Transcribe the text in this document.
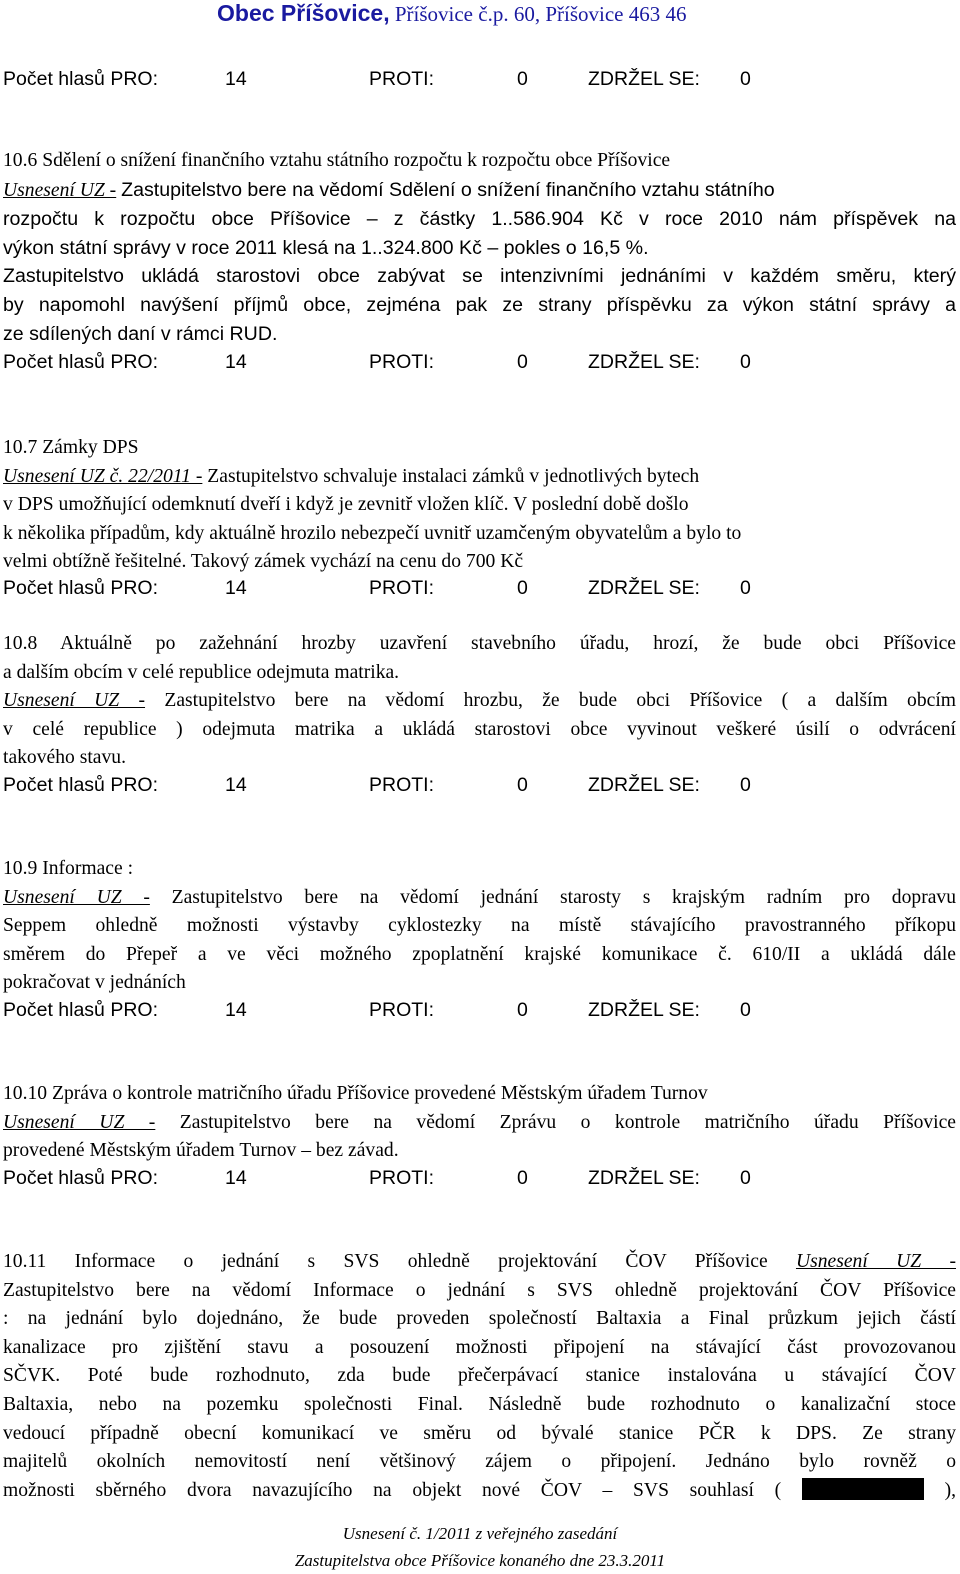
Obec Příšovice, Příšovice č.p. 60, Příšovice 463 46
Počet hlasů PRO:	14	PROTI:	0	ZDRŽEL SE: 0
10.6 Sdělení o snížení finančního vztahu státního rozpočtu k rozpočtu obce Příšovice
Usnesení UZ - Zastupitelstvo bere na vědomí Sdělení o snížení finančního vztahu státního
rozpočtu k rozpočtu obce Příšovice – z částky 1..586.904 Kč v roce 2010 nám příspěvek na
výkon státní správy v roce 2011 klesá na 1..324.800 Kč – pokles o 16,5 %.
Zastupitelstvo ukládá starostovi obce zabývat se intenzivními jednáními v každém směru, který
by napomohl navýšení příjmů obce, zejména pak ze strany příspěvku za výkon státní správy a
ze sdílených daní v rámci RUD.
Počet hlasů PRO:	14	PROTI:	0	ZDRŽEL SE: 0
10.7 Zámky DPS
Usnesení UZ č. 22/2011 - Zastupitelstvo schvaluje instalaci zámků v jednotlivých bytech
v DPS umožňující odemknutí dveří i když je zevnitř vložen klíč. V poslední době došlo
k několika případům, kdy aktuálně hrozilo nebezpečí uvnitř uzamčeným obyvatelům a bylo to
velmi obtížně řešitelné. Takový zámek vychází na cenu do 700 Kč
Počet hlasů PRO:	14	PROTI:	0	ZDRŽEL SE: 0
10.8 Aktuálně po zažehnání hrozby uzavření stavebního úřadu, hrozí, že bude obci Příšovice
a dalším obcím v celé republice odejmuta matrika.
Usnesení UZ - Zastupitelstvo bere na vědomí hrozbu, že bude obci Příšovice ( a dalším obcím
v celé republice ) odejmuta matrika a ukládá starostovi obce vyvinout veškeré úsilí o odvrácení
takového stavu.
Počet hlasů PRO:	14	PROTI:	0	ZDRŽEL SE: 0
10.9 Informace :
Usnesení UZ - Zastupitelstvo bere na vědomí jednání starosty s krajským radním pro dopravu
Seppem ohledně možnosti výstavby cyklostezky na místě stávajícího pravostranného příkopu
směrem do Přepeř a ve věci možného zpoplatnění krajské komunikace č. 610/II a ukládá dále
pokračovat v jednáních
Počet hlasů PRO:	14	PROTI:	0	ZDRŽEL SE: 0
10.10 Zpráva o kontrole matričního úřadu Příšovice provedené Městským úřadem Turnov
Usnesení UZ - Zastupitelstvo bere na vědomí Zprávu o kontrole matričního úřadu Příšovice
provedené Městským úřadem Turnov – bez závad.
Počet hlasů PRO:	14	PROTI:	0	ZDRŽEL SE: 0
10.11 Informace o jednání s SVS ohledně projektování ČOV Příšovice Usnesení UZ -
Zastupitelstvo bere na vědomí Informace o jednání s SVS ohledně projektování ČOV Příšovice
: na jednání bylo dojednáno, že bude proveden společností Baltaxia a Final průzkum jejich částí
kanalizace pro zjištění stavu a posouzení možnosti připojení na stávající část provozovanou
SČVK. Poté bude rozhodnuto, zda bude přečerpávací stanice instalována u stávající ČOV
Baltaxia, nebo na pozemku společnosti Final. Následně bude rozhodnuto o kanalizační stoce
vedoucí případně obecní komunikací ve směru od bývalé stanice PČR k DPS. Ze strany
majitelů okolních nemovitostí není většinový zájem o připojení. Jednáno bylo rovněž o
možnosti sběrného dvora navazujícího na objekt nové ČOV – SVS souhlasí (	),
Usnesení č. 1/2011 z veřejného zasedání
Zastupitelstva obce Příšovice konaného dne 23.3.2011
